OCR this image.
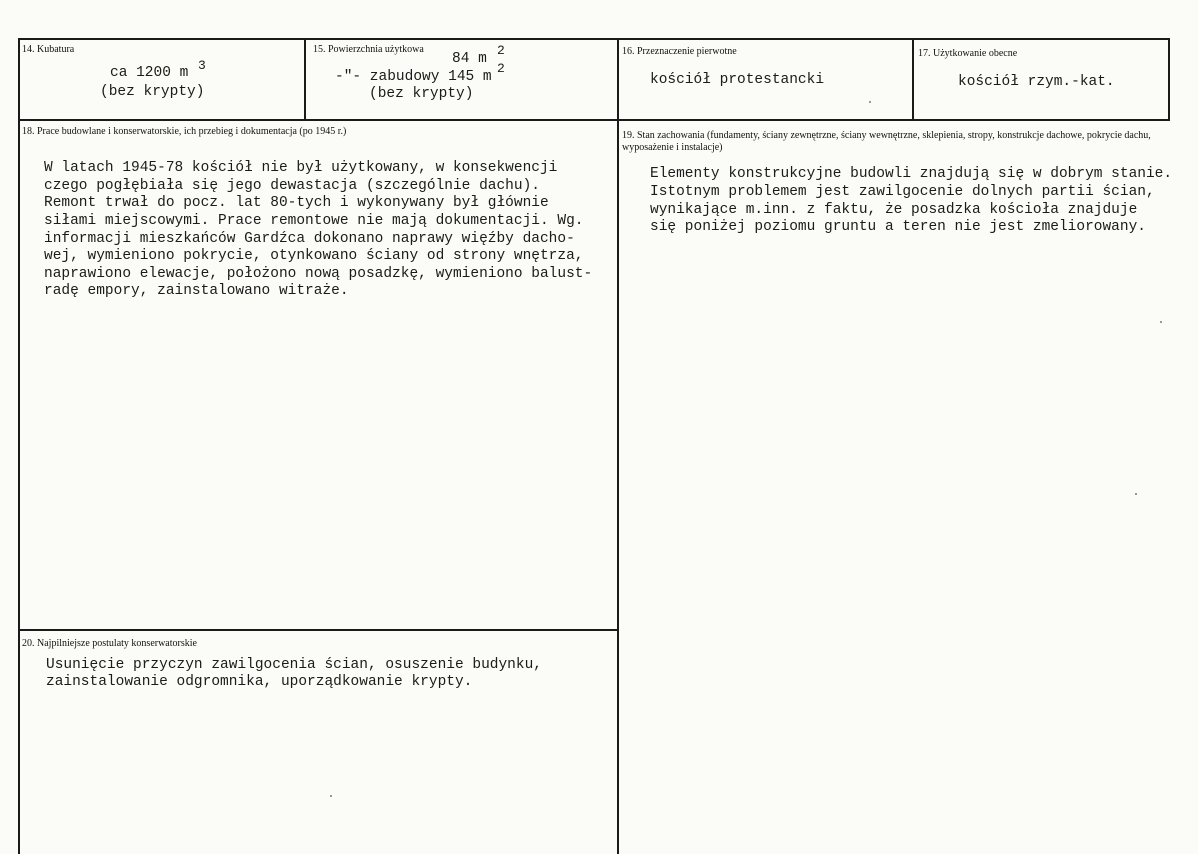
14. Kubatura
ca 1200 m 3
(bez krypty)
15. Powierzchnia użytkowa
84 m
2
-"- zabudowy 145 m
2
(bez krypty)
16. Przeznaczenie pierwotne
kościół protestancki
17. Użytkowanie obecne
kościół rzym.-kat.
18. Prace budowlane i konserwatorskie, ich przebieg i dokumentacja (po 1945 r.)
W latach 1945-78 kościół nie był użytkowany, w konsekwencji
czego pogłębiała się jego dewastacja (szczególnie dachu).
Remont trwał do pocz. lat 80-tych i wykonywany był głównie
siłami miejscowymi. Prace remontowe nie mają dokumentacji. Wg.
informacji mieszkańców Gardźca dokonano naprawy więźby dacho-
wej, wymieniono pokrycie, otynkowano ściany od strony wnętrza,
naprawiono elewacje, położono nową posadzkę, wymieniono balust-
radę empory, zainstalowano witraże.
19. Stan zachowania (fundamenty, ściany zewnętrzne, ściany wewnętrzne, sklepienia, stropy, konstrukcje dachowe, pokrycie dachu, wyposażenie i instalacje)
Elementy konstrukcyjne budowli znajdują się w dobrym stanie.
Istotnym problemem jest zawilgocenie dolnych partii ścian,
wynikające m.inn. z faktu, że posadzka kościoła znajduje
się poniżej poziomu gruntu a teren nie jest zmeliorowany.
20. Najpilniejsze postulaty konserwatorskie
Usunięcie przyczyn zawilgocenia ścian, osuszenie budynku,
zainstalowanie odgromnika, uporządkowanie krypty.
